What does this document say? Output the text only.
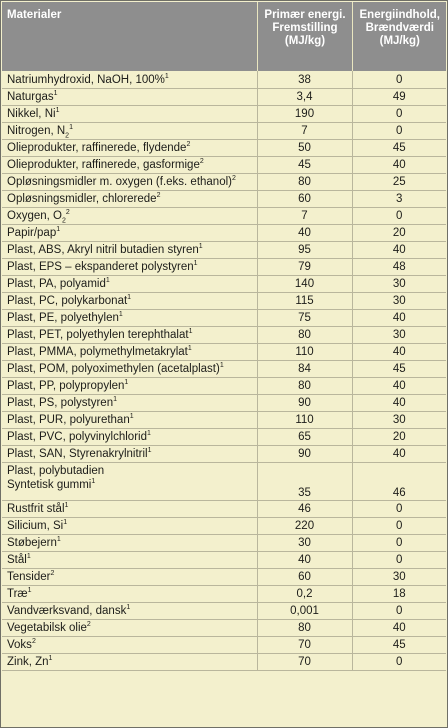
Materialer	Primær energi. Fremstilling (MJ/kg)	Energiindhold, Brændværdi (MJ/kg)
Natriumhydroxid, NaOH, 100%$^1$	38	0
Naturgas$^1$	3,4	49
Nikkel, Ni$^1$	190	0
Nitrogen, $N_2^1$	7	0
Olieprodukter, raffinerede, flydende$^2$	50	45
Olieprodukter, raffinerede, gasformige$^2$	45	40
Opløsningsmidler m. oxygen (f.eks. ethanol)$^2$	80	25
Opløsningsmidler, chlorerede$^2$	60	3
Oxygen, $O_2^2$	7	0
Papir/pap$^1$	40	20
Plast, ABS, Akryl nitril butadien styren$^1$	95	40
Plast, EPS – ekspanderet polystyren$^1$	79	48
Plast, PA, polyamid$^1$	140	30
Plast, PC, polykarbonat$^1$	115	30
Plast, PE, polyethylen$^1$	75	40
Plast, PET, polyethylen terephthalat$^1$	80	30
Plast, PMMA, polymethylmetakrylat$^1$	110	40
Plast, POM, polyoximethylen (acetalplast)$^1$	84	45
Plast, PP, polypropylen$^1$	80	40
Plast, PS, polystyren$^1$	90	40
Plast, PUR, polyurethan$^1$	110	30
Plast, PVC, polyvinylchlorid$^1$	65	20
Plast, SAN, Styrenakrylnitril$^1$	90	40
Plast, polybutadien
Syntetisk gummi$^1$	35	46
Rustfrit stål$^1$	46	0
Silicium, Si$^1$	220	0
Støbejern$^1$	30	0
Stål$^1$	40	0
Tensider$^2$	60	30
Træ$^1$	0,2	18
Vandværksvand, dansk$^1$	0,001	0
Vegetabilsk olie$^2$	80	40
Voks$^2$	70	45
Zink, Zn$^1$	70	0
